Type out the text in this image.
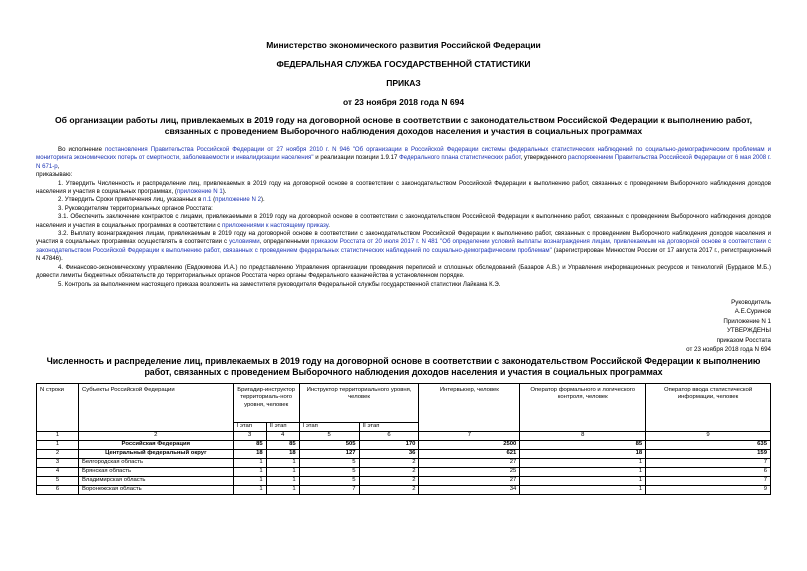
Министерство экономического развития Российской Федерации
ФЕДЕРАЛЬНАЯ СЛУЖБА ГОСУДАРСТВЕННОЙ СТАТИСТИКИ
ПРИКАЗ
от 23 ноября 2018 года N 694
Об организации работы лиц, привлекаемых в 2019 году на договорной основе в соответствии с законодательством Российской Федерации к выполнению работ, связанных с проведением Выборочного наблюдения доходов населения и участия в социальных программах

Во исполнение постановления Правительства Российской Федерации от 27 ноября 2010 г. N 946 "Об организации в Российской Федерации системы федеральных статистических наблюдений по социально-демографическим проблемам и мониторинга экономических потерь от смертности, заболеваемости и инвалидизации населения" и реализации позиции 1.9.17 Федерального плана статистических работ, утвержденного распоряжением Правительства Российской Федерации от 6 мая 2008 г. N 671-р,

приказываю:

1. Утвердить Численность и распределение лиц, привлекаемых в 2019 году на договорной основе в соответствии с законодательством Российской Федерации к выполнению работ, связанных с проведением Выборочного наблюдения доходов населения и участия в социальных программах, (приложение N 1).

2. Утвердить Сроки привлечения лиц, указанных в п.1 (приложение N 2).

3. Руководителям территориальных органов Росстата:

3.1. Обеспечить заключение контрактов с лицами, привлекаемыми в 2019 году на договорной основе в соответствии с законодательством Российской Федерации к выполнению работ, связанных с проведением Выборочного наблюдения доходов населения и участия в социальных программах в соответствии с приложениями к настоящему приказу.

3.2. Выплату вознаграждения лицам, привлекаемым в 2019 году на договорной основе в соответствии с законодательством Российской Федерации к выполнению работ, связанных с проведением Выборочного наблюдения доходов населения и участия в социальных программах осуществлять в соответствии с условиями, определенными приказом Росстата от 20 июля 2017 г. N 481 "Об определении условий выплаты вознаграждения лицам, привлекаемым на договорной основе в соответствии с законодательством Российской Федерации к выполнению работ, связанных с проведением федеральных статистических наблюдений по социально-демографическим проблемам" (зарегистрирован Минюстом России от 17 августа 2017 г., регистрационный N 47846).

4. Финансово-экономическому управлению (Евдокимова И.А.) по представлению Управления организации проведения переписей и сплошных обследований (Базаров А.В.) и Управления информационных ресурсов и технологий (Бурдаков М.Б.) довести лимиты бюджетных обязательств до территориальных органов Росстата через органы Федерального казначейства в установленном порядке.

5. Контроль за выполнением настоящего приказа возложить на заместителя руководителя Федеральной службы государственной статистики Лайкама К.Э.

Руководитель
А.Е.Суринов
Приложение N 1
УТВЕРЖДЕНЫ
приказом Росстата
от 23 ноября 2018 года N 694
Численность и распределение лиц, привлекаемых в 2019 году на договорной основе в соответствии с законодательством Российской Федерации к выполнению работ, связанных с проведением Выборочного наблюдения доходов населения и участия в социальных программах
N строки	Субъекты Российской Федерации	Бригадир-инструктор территориаль-ного уровня, человек		Инструктор территориального уровня, человек		Интервьюер, человек	Оператор формального и логического контроля, человек	Оператор ввода статистической информации, человек
		I этап	II этап	I этап	II этап			
1	2	3	4	5	6	7	8	9
1	Российская Федерация	85	85	505	170	2500	85	635
2	Центральный федеральный округ	18	18	127	36	621	18	159
3	Белгородская область	1	1	5	2	27	1	7
4	Брянская область	1	1	5	2	25	1	6
5	Владимирская область	1	1	5	2	27	1	7
6	Воронежская область	1	1	7	2	34	1	9
